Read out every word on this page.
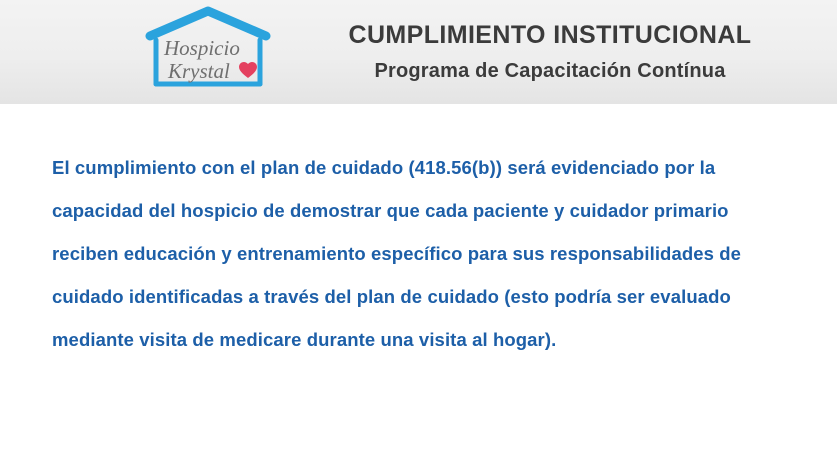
Hospicio
Krystal
CUMPLIMIENTO INSTITUCIONAL
Programa de Capacitación Contínua
El cumplimiento con el plan de cuidado (418.56(b)) será evidenciado por la capacidad del hospicio de demostrar que cada paciente y cuidador primario reciben educación y entrenamiento específico para sus responsabilidades de cuidado identificadas a través del plan de cuidado (esto podría ser evaluado mediante visita de medicare durante una visita al hogar).
